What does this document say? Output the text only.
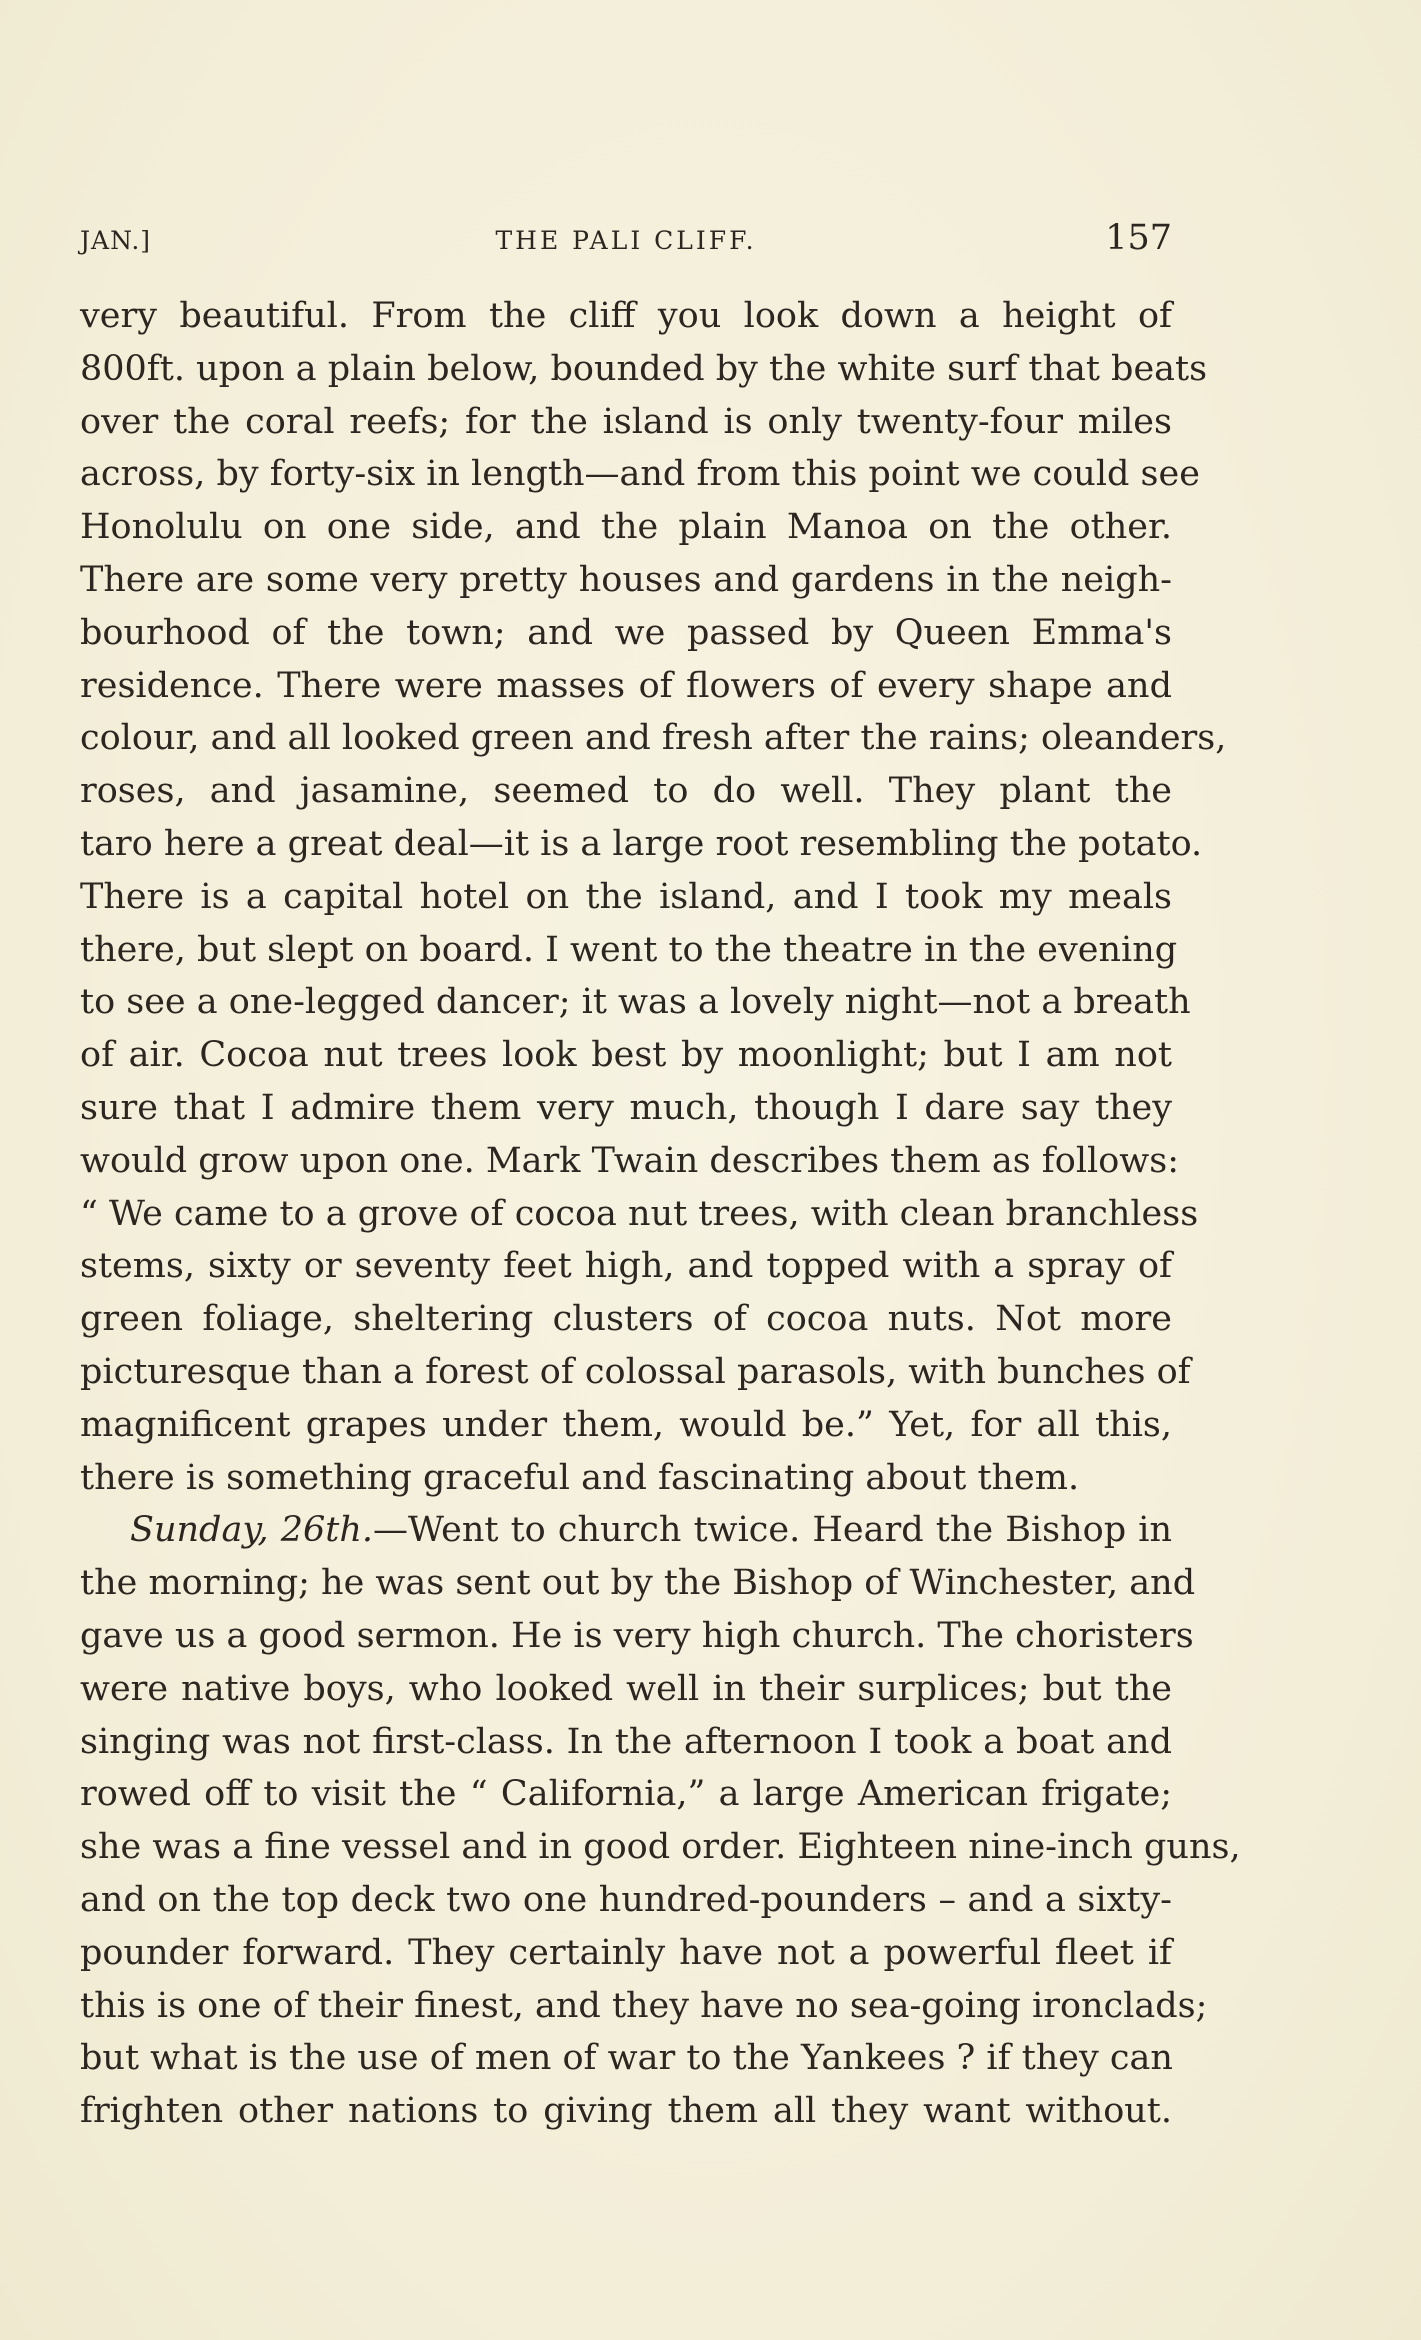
JAN.]	THE PALI CLIFF.	157
very beautiful. From the cliff you look down a height of
800ft. upon a plain below, bounded by the white surf that beats
over the coral reefs; for the island is only twenty-four miles
across, by forty-six in length—and from this point we could see
Honolulu on one side, and the plain Manoa on the other.
There are some very pretty houses and gardens in the neigh-
bourhood of the town; and we passed by Queen Emma's
residence. There were masses of flowers of every shape and
colour, and all looked green and fresh after the rains; oleanders,
roses, and jasamine, seemed to do well. They plant the
taro here a great deal—it is a large root resembling the potato.
There is a capital hotel on the island, and I took my meals
there, but slept on board. I went to the theatre in the evening
to see a one-legged dancer; it was a lovely night—not a breath
of air. Cocoa nut trees look best by moonlight; but I am not
sure that I admire them very much, though I dare say they
would grow upon one. Mark Twain describes them as follows:
“ We came to a grove of cocoa nut trees, with clean branchless
stems, sixty or seventy feet high, and topped with a spray of
green foliage, sheltering clusters of cocoa nuts. Not more
picturesque than a forest of colossal parasols, with bunches of
magnificent grapes under them, would be.” Yet, for all this,
there is something graceful and fascinating about them.
Sunday, 26th.—Went to church twice. Heard the Bishop in
the morning; he was sent out by the Bishop of Winchester, and
gave us a good sermon. He is very high church. The choristers
were native boys, who looked well in their surplices; but the
singing was not first-class. In the afternoon I took a boat and
rowed off to visit the “ California,” a large American frigate;
she was a fine vessel and in good order. Eighteen nine-inch guns,
and on the top deck two one hundred-pounders – and a sixty-
pounder forward. They certainly have not a powerful fleet if
this is one of their finest, and they have no sea-going ironclads;
but what is the use of men of war to the Yankees ? if they can
frighten other nations to giving them all they want without.
